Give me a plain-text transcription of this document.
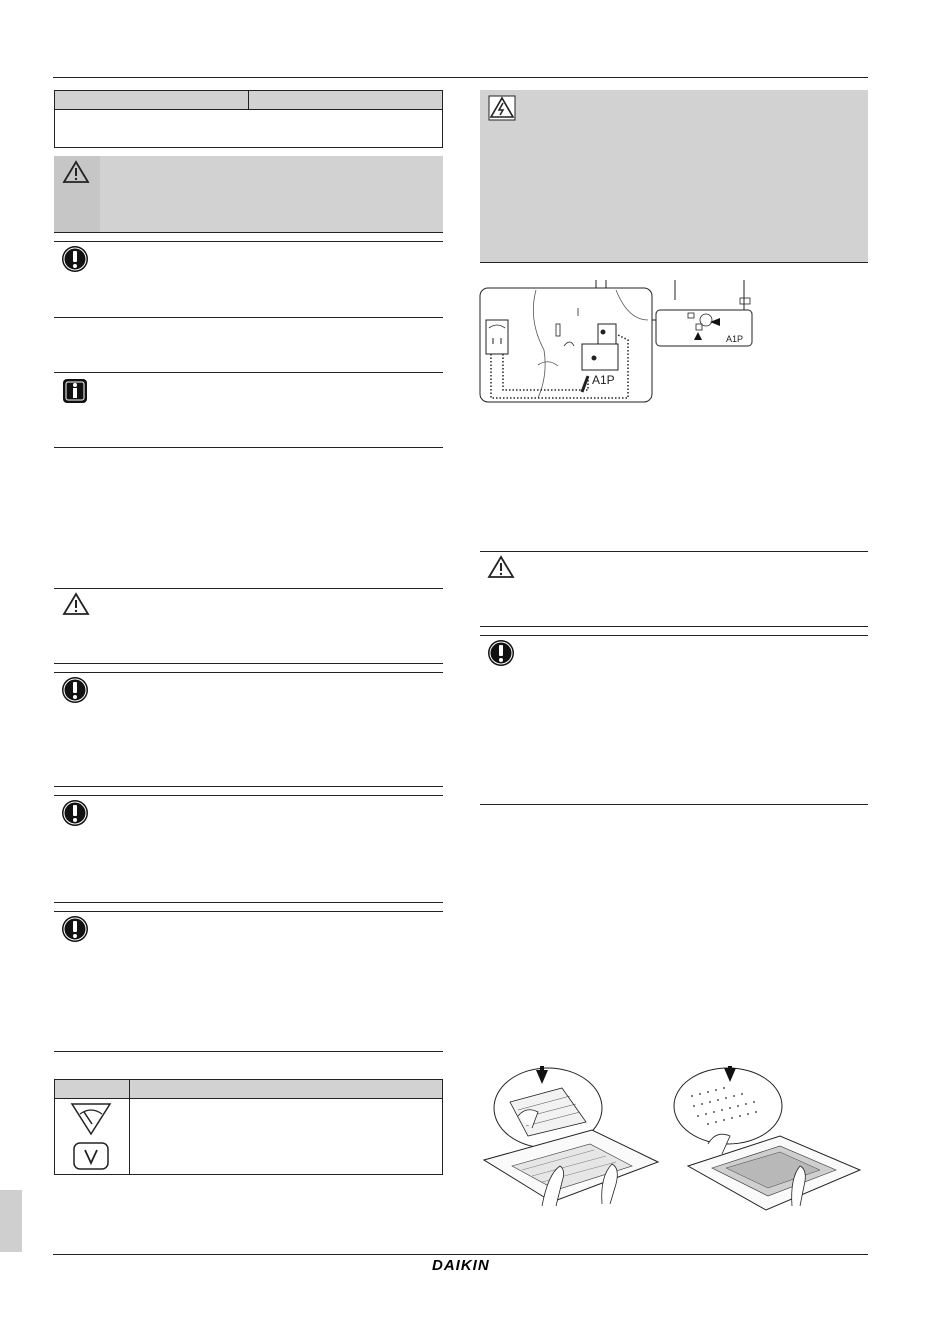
A1P
A1P
DAIKIN
